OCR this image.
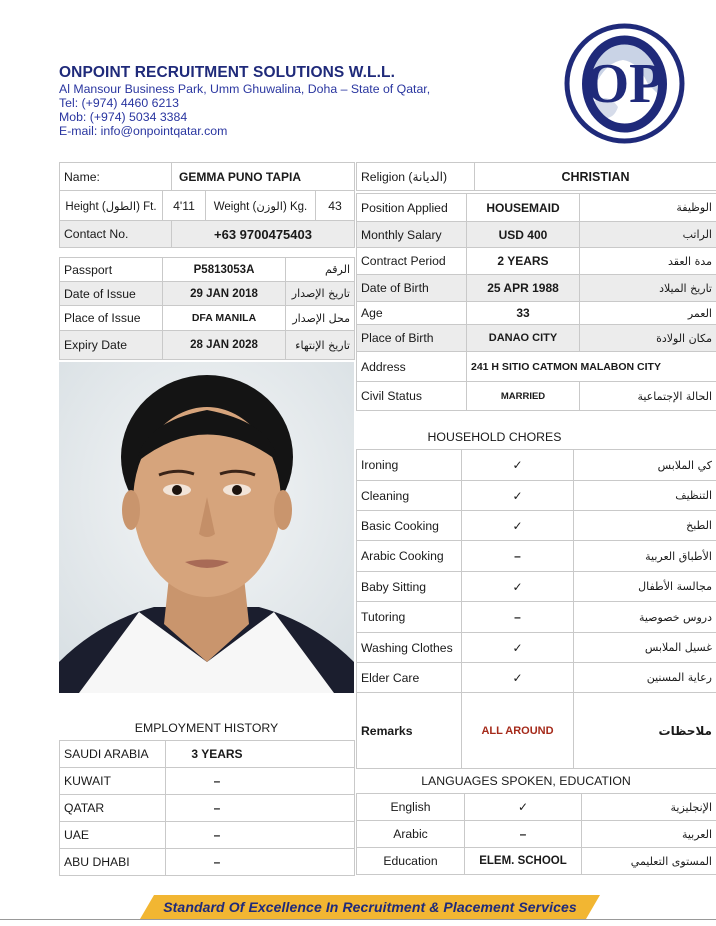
ONPOINT RECRUITMENT SOLUTIONS W.L.L.
Al Mansour Business Park, Umm Ghuwalina, Doha – State of Qatar,
Tel: (+974) 4460 6213
Mob: (+974) 5034 3384
E-mail: info@onpointqatar.com
OP
Name:	GEMMA PUNO TAPIA
Height (الطول) Ft.	4'11	Weight (الوزن) Kg.	43
Contact No.	+63 9700475403
Passport	P5813053A	الرقم
Date of Issue	29 JAN 2018	تاريخ الإصدار
Place of Issue	DFA MANILA	محل الإصدار
Expiry Date	28 JAN 2028	تاريخ الإنتهاء
Religion (الديانة)	CHRISTIAN
Position Applied	HOUSEMAID	الوظيفة
Monthly Salary	USD 400	الراتب
Contract Period	2 YEARS	مدة العقد
Date of Birth	25 APR 1988	تاريخ الميلاد
Age	33	العمر
Place of Birth	DANAO CITY	مكان الولادة
Address	241 H SITIO CATMON MALABON CITY
Civil Status	MARRIED	الحالة الإجتماعية
HOUSEHOLD CHORES
Ironing	✓	كي الملابس
Cleaning	✓	التنظيف
Basic Cooking	✓	الطبخ
Arabic Cooking	–	الأطباق العربية
Baby Sitting	✓	مجالسة الأطفال
Tutoring	–	دروس خصوصية
Washing Clothes	✓	غسيل الملابس
Elder Care	✓	رعاية المسنين
Remarks	ALL AROUND	ملاحظات
EMPLOYMENT HISTORY
SAUDI ARABIA	3 YEARS
KUWAIT	–
QATAR	–
UAE	–
ABU DHABI	–
LANGUAGES SPOKEN, EDUCATION
English	✓	الإنجليزية
Arabic	–	العربية
Education	ELEM. SCHOOL	المستوى التعليمي
Standard Of Excellence In Recruitment & Placement Services
